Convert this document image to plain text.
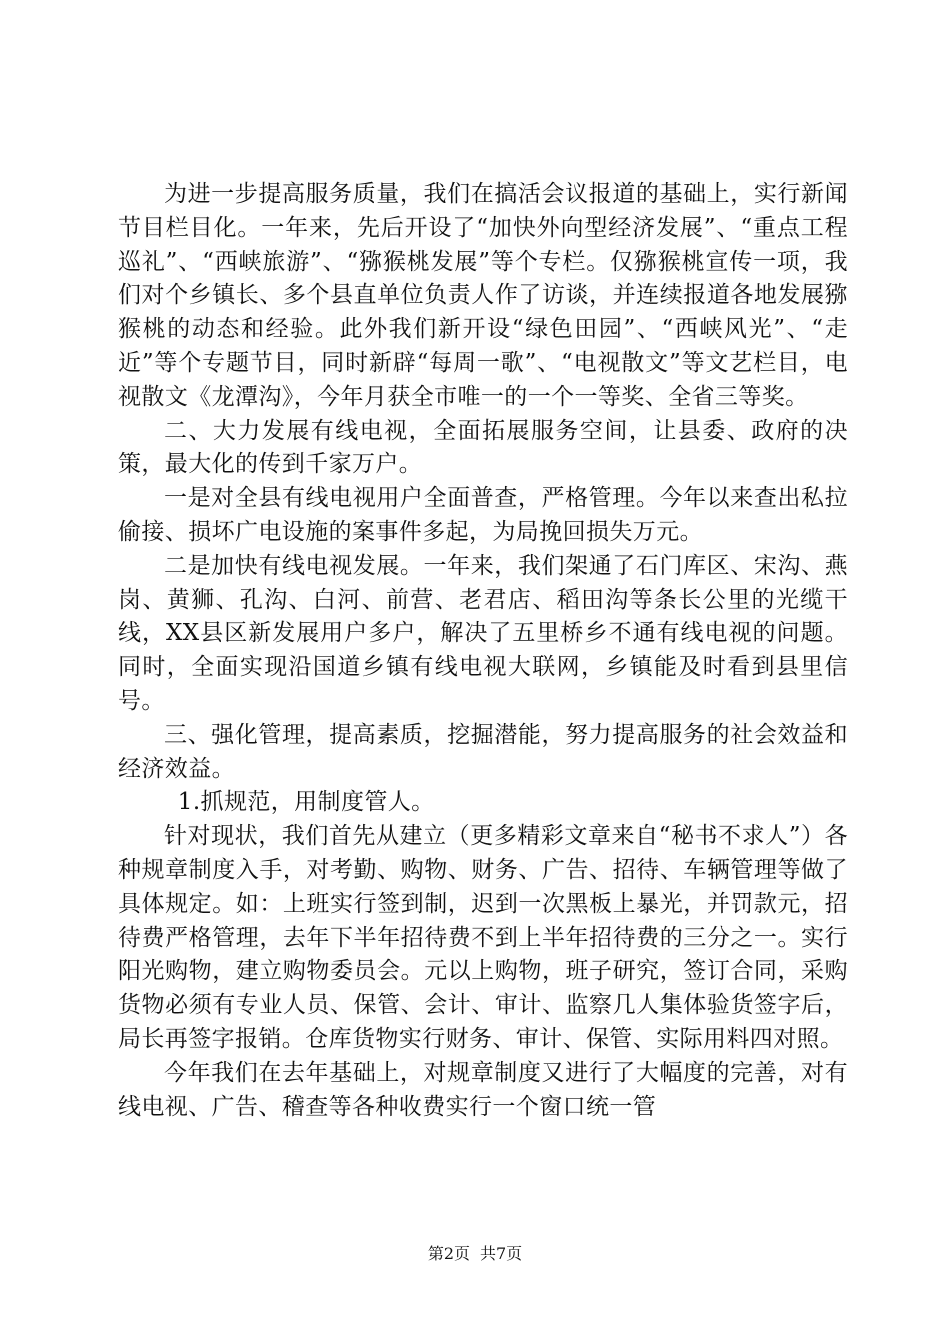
为进一步提高服务质量，我们在搞活会议报道的基础上，实行新闻节目栏目化。一年来，先后开设了“加快外向型经济发展”、“重点工程巡礼”、“西峡旅游”、“猕猴桃发展”等个专栏。仅猕猴桃宣传一项，我们对个乡镇长、多个县直单位负责人作了访谈，并连续报道各地发展猕猴桃的动态和经验。此外我们新开设“绿色田园”、“西峡风光”、“走近”等个专题节目，同时新辟“每周一歌”、“电视散文”等文艺栏目，电视散文《龙潭沟》，今年月获全市唯一的一个一等奖、全省三等奖。

二、大力发展有线电视，全面拓展服务空间，让县委、政府的决策，最大化的传到千家万户。

一是对全县有线电视用户全面普查，严格管理。今年以来查出私拉偷接、损坏广电设施的案事件多起，为局挽回损失万元。

二是加快有线电视发展。一年来，我们架通了石门库区、宋沟、燕岗、黄狮、孔沟、白河、前营、老君店、稻田沟等条长公里的光缆干线，XX县区新发展用户多户，解决了五里桥乡不通有线电视的问题。同时，全面实现沿国道乡镇有线电视大联网，乡镇能及时看到县里信号。

三、强化管理，提高素质，挖掘潜能，努力提高服务的社会效益和经济效益。

1.抓规范，用制度管人。

针对现状，我们首先从建立（更多精彩文章来自“秘书不求人”）各种规章制度入手，对考勤、购物、财务、广告、招待、车辆管理等做了具体规定。如：上班实行签到制，迟到一次黑板上暴光，并罚款元，招待费严格管理，去年下半年招待费不到上半年招待费的三分之一。实行阳光购物，建立购物委员会。元以上购物，班子研究，签订合同，采购货物必须有专业人员、保管、会计、审计、监察几人集体验货签字后，局长再签字报销。仓库货物实行财务、审计、保管、实际用料四对照。

今年我们在去年基础上，对规章制度又进行了大幅度的完善，对有线电视、广告、稽查等各种收费实行一个窗口统一管

第2页 共7页
